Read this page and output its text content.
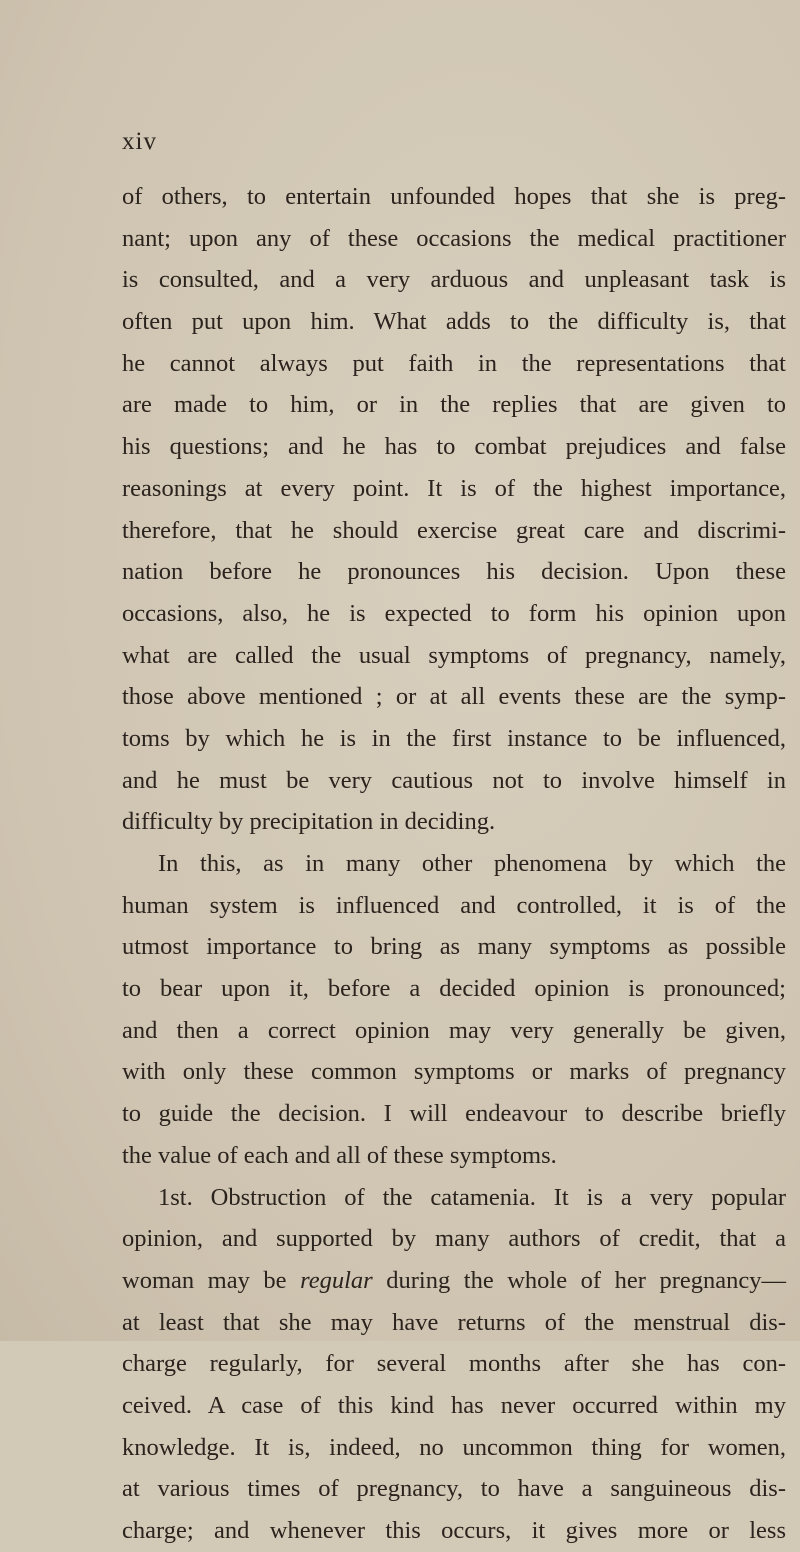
xiv
of others, to entertain unfounded hopes that she is preg-
nant; upon any of these occasions the medical practitioner
is consulted, and a very arduous and unpleasant task is
often put upon him. What adds to the difficulty is, that
he cannot always put faith in the representations that
are made to him, or in the replies that are given to
his questions; and he has to combat prejudices and false
reasonings at every point. It is of the highest importance,
therefore, that he should exercise great care and discrimi-
nation before he pronounces his decision. Upon these
occasions, also, he is expected to form his opinion upon
what are called the usual symptoms of pregnancy, namely,
those above mentioned ; or at all events these are the symp-
toms by which he is in the first instance to be influenced,
and he must be very cautious not to involve himself in
difficulty by precipitation in deciding.
In this, as in many other phenomena by which the
human system is influenced and controlled, it is of the
utmost importance to bring as many symptoms as possible
to bear upon it, before a decided opinion is pronounced;
and then a correct opinion may very generally be given,
with only these common symptoms or marks of pregnancy
to guide the decision. I will endeavour to describe briefly
the value of each and all of these symptoms.
1st. Obstruction of the catamenia. It is a very popular
opinion, and supported by many authors of credit, that a
woman may be regular during the whole of her pregnancy—
at least that she may have returns of the menstrual dis-
charge regularly, for several months after she has con-
ceived. A case of this kind has never occurred within my
knowledge. It is, indeed, no uncommon thing for women,
at various times of pregnancy, to have a sanguineous dis-
charge; and whenever this occurs, it gives more or less
